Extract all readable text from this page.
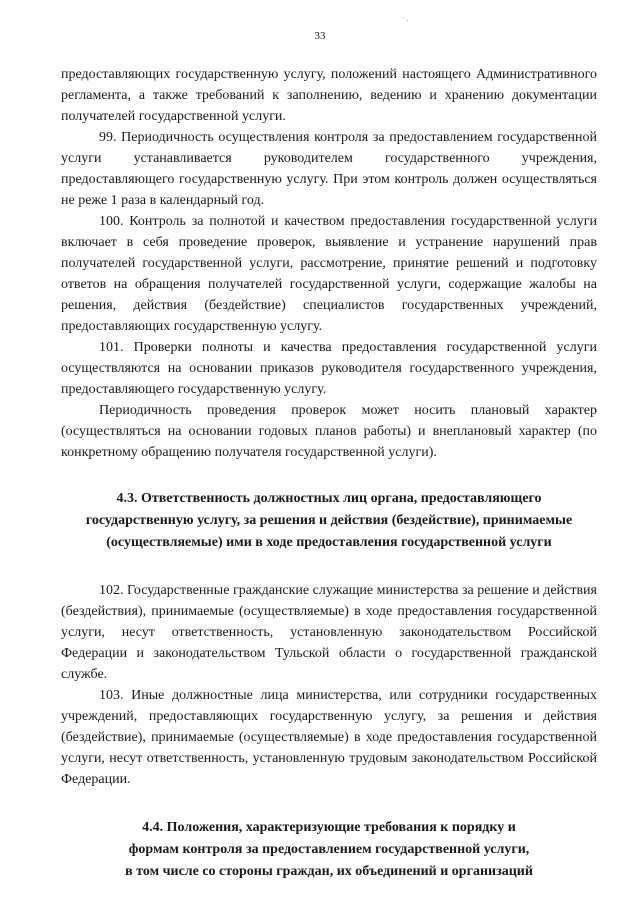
33
· .

предоставляющих государственную услугу, положений настоящего Административного регламента, а также требований к заполнению, ведению и хранению документации получателей государственной услуги.

99. Периодичность осуществления контроля за предоставлением государственной услуги устанавливается руководителем государственного учреждения, предоставляющего государственную услугу. При этом контроль должен осуществляться не реже 1 раза в календарный год.

100. Контроль за полнотой и качеством предоставления государственной услуги включает в себя проведение проверок, выявление и устранение нарушений прав получателей государственной услуги, рассмотрение, принятие решений и подготовку ответов на обращения получателей государственной услуги, содержащие жалобы на решения, действия (бездействие) специалистов государственных учреждений, предоставляющих государственную услугу.

101. Проверки полноты и качества предоставления государственной услуги осуществляются на основании приказов руководителя государственного учреждения, предоставляющего государственную услугу.

Периодичность проведения проверок может носить плановый характер (осуществляться на основании годовых планов работы) и внеплановый характер (по конкретному обращению получателя государственной услуги).

4.3. Ответственность должностных лиц органа, предоставляющего государственную услугу, за решения и действия (бездействие), принимаемые (осуществляемые) ими в ходе предоставления государственной услуги

102. Государственные гражданские служащие министерства за решение и действия (бездействия), принимаемые (осуществляемые) в ходе предоставления государственной услуги, несут ответственность, установленную законодательством Российской Федерации и законодательством Тульской области о государственной гражданской службе.

103. Иные должностные лица министерства, или сотрудники государственных учреждений, предоставляющих государственную услугу, за решения и действия (бездействие), принимаемые (осуществляемые) в ходе предоставления государственной услуги, несут ответственность, установленную трудовым законодательством Российской Федерации.

4.4. Положения, характеризующие требования к порядку и
формам контроля за предоставлением государственной услуги,
в том числе со стороны граждан, их объединений и организаций
